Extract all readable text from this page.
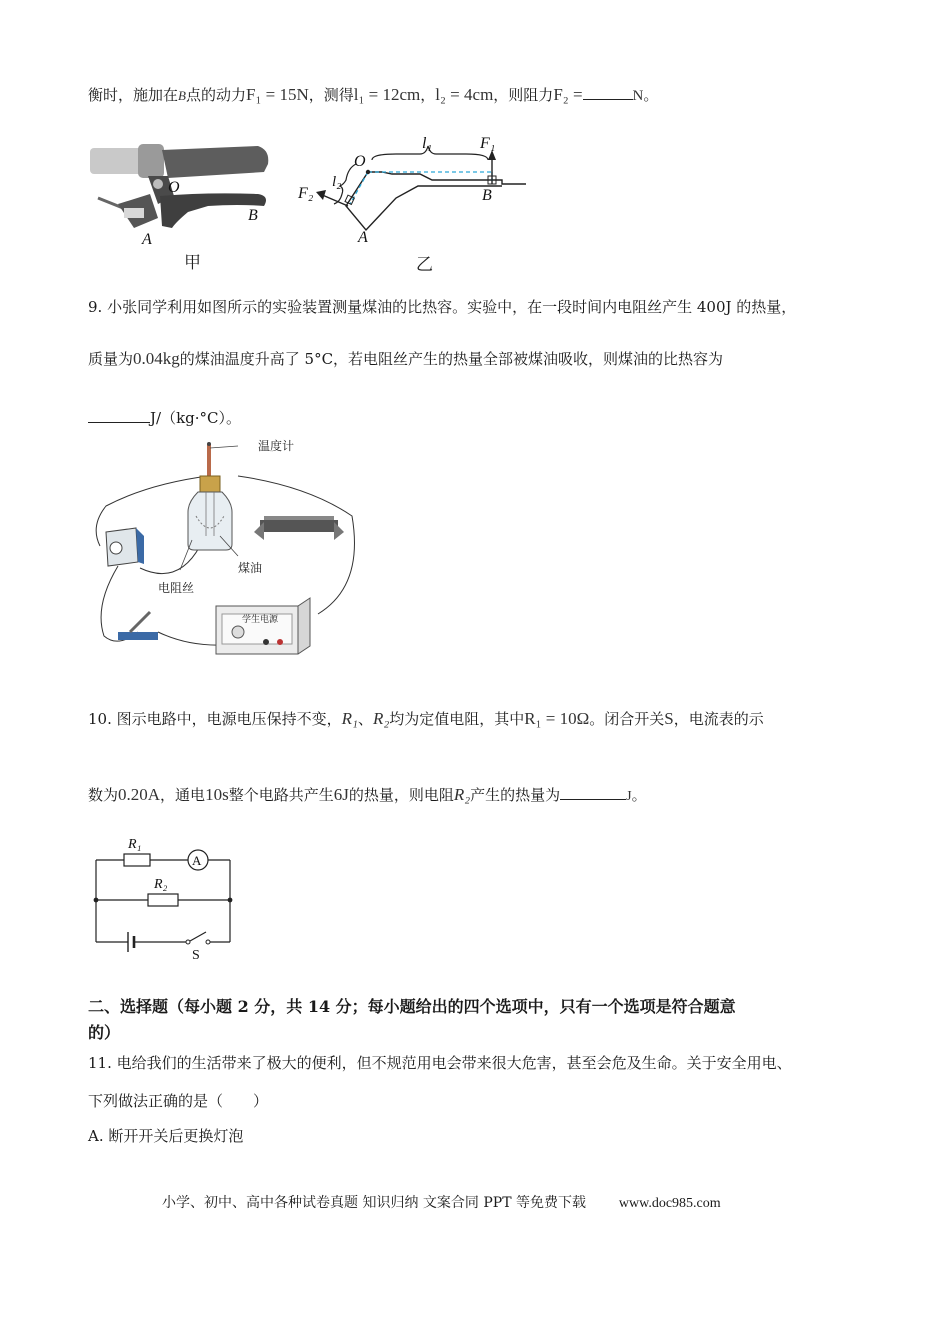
衡时，施加在B点的动力F₁ = 15N，测得l₁ = 12cm，l₂ = 4cm，则阻力F₂ =	N。
O
B
A
甲
O
l₁
l₂
F₁
F₂	B
A
乙
9. 小张同学利用如图所示的实验装置测量煤油的比热容。实验中，在一段时间内电阻丝产生 400J 的热量，
质量为0.04kg的煤油温度升高了 5°C，若电阻丝产生的热量全部被煤油吸收，则煤油的比热容为
J/（kg·°C）。
学生电源
温度计
煤油
电阻丝
10. 图示电路中，电源电压保持不变，R₁、R₂均为定值电阻，其中R₁ = 10Ω。闭合开关S，电流表的示
数为0.20A，通电10s整个电路共产生6J的热量，则电阻R₂产生的热量为	J。
R₁
R₂
A
S
二、选择题（每小题 2 分，共 14 分；每小题给出的四个选项中，只有一个选项是符合题意
的）
11. 电给我们的生活带来了极大的便利，但不规范用电会带来很大危害，甚至会危及生命。关于安全用电、
下列做法正确的是（　　）
A. 断开开关后更换灯泡
小学、初中、高中各种试卷真题 知识归纳 文案合同 PPT 等免费下载 www.doc985.com
